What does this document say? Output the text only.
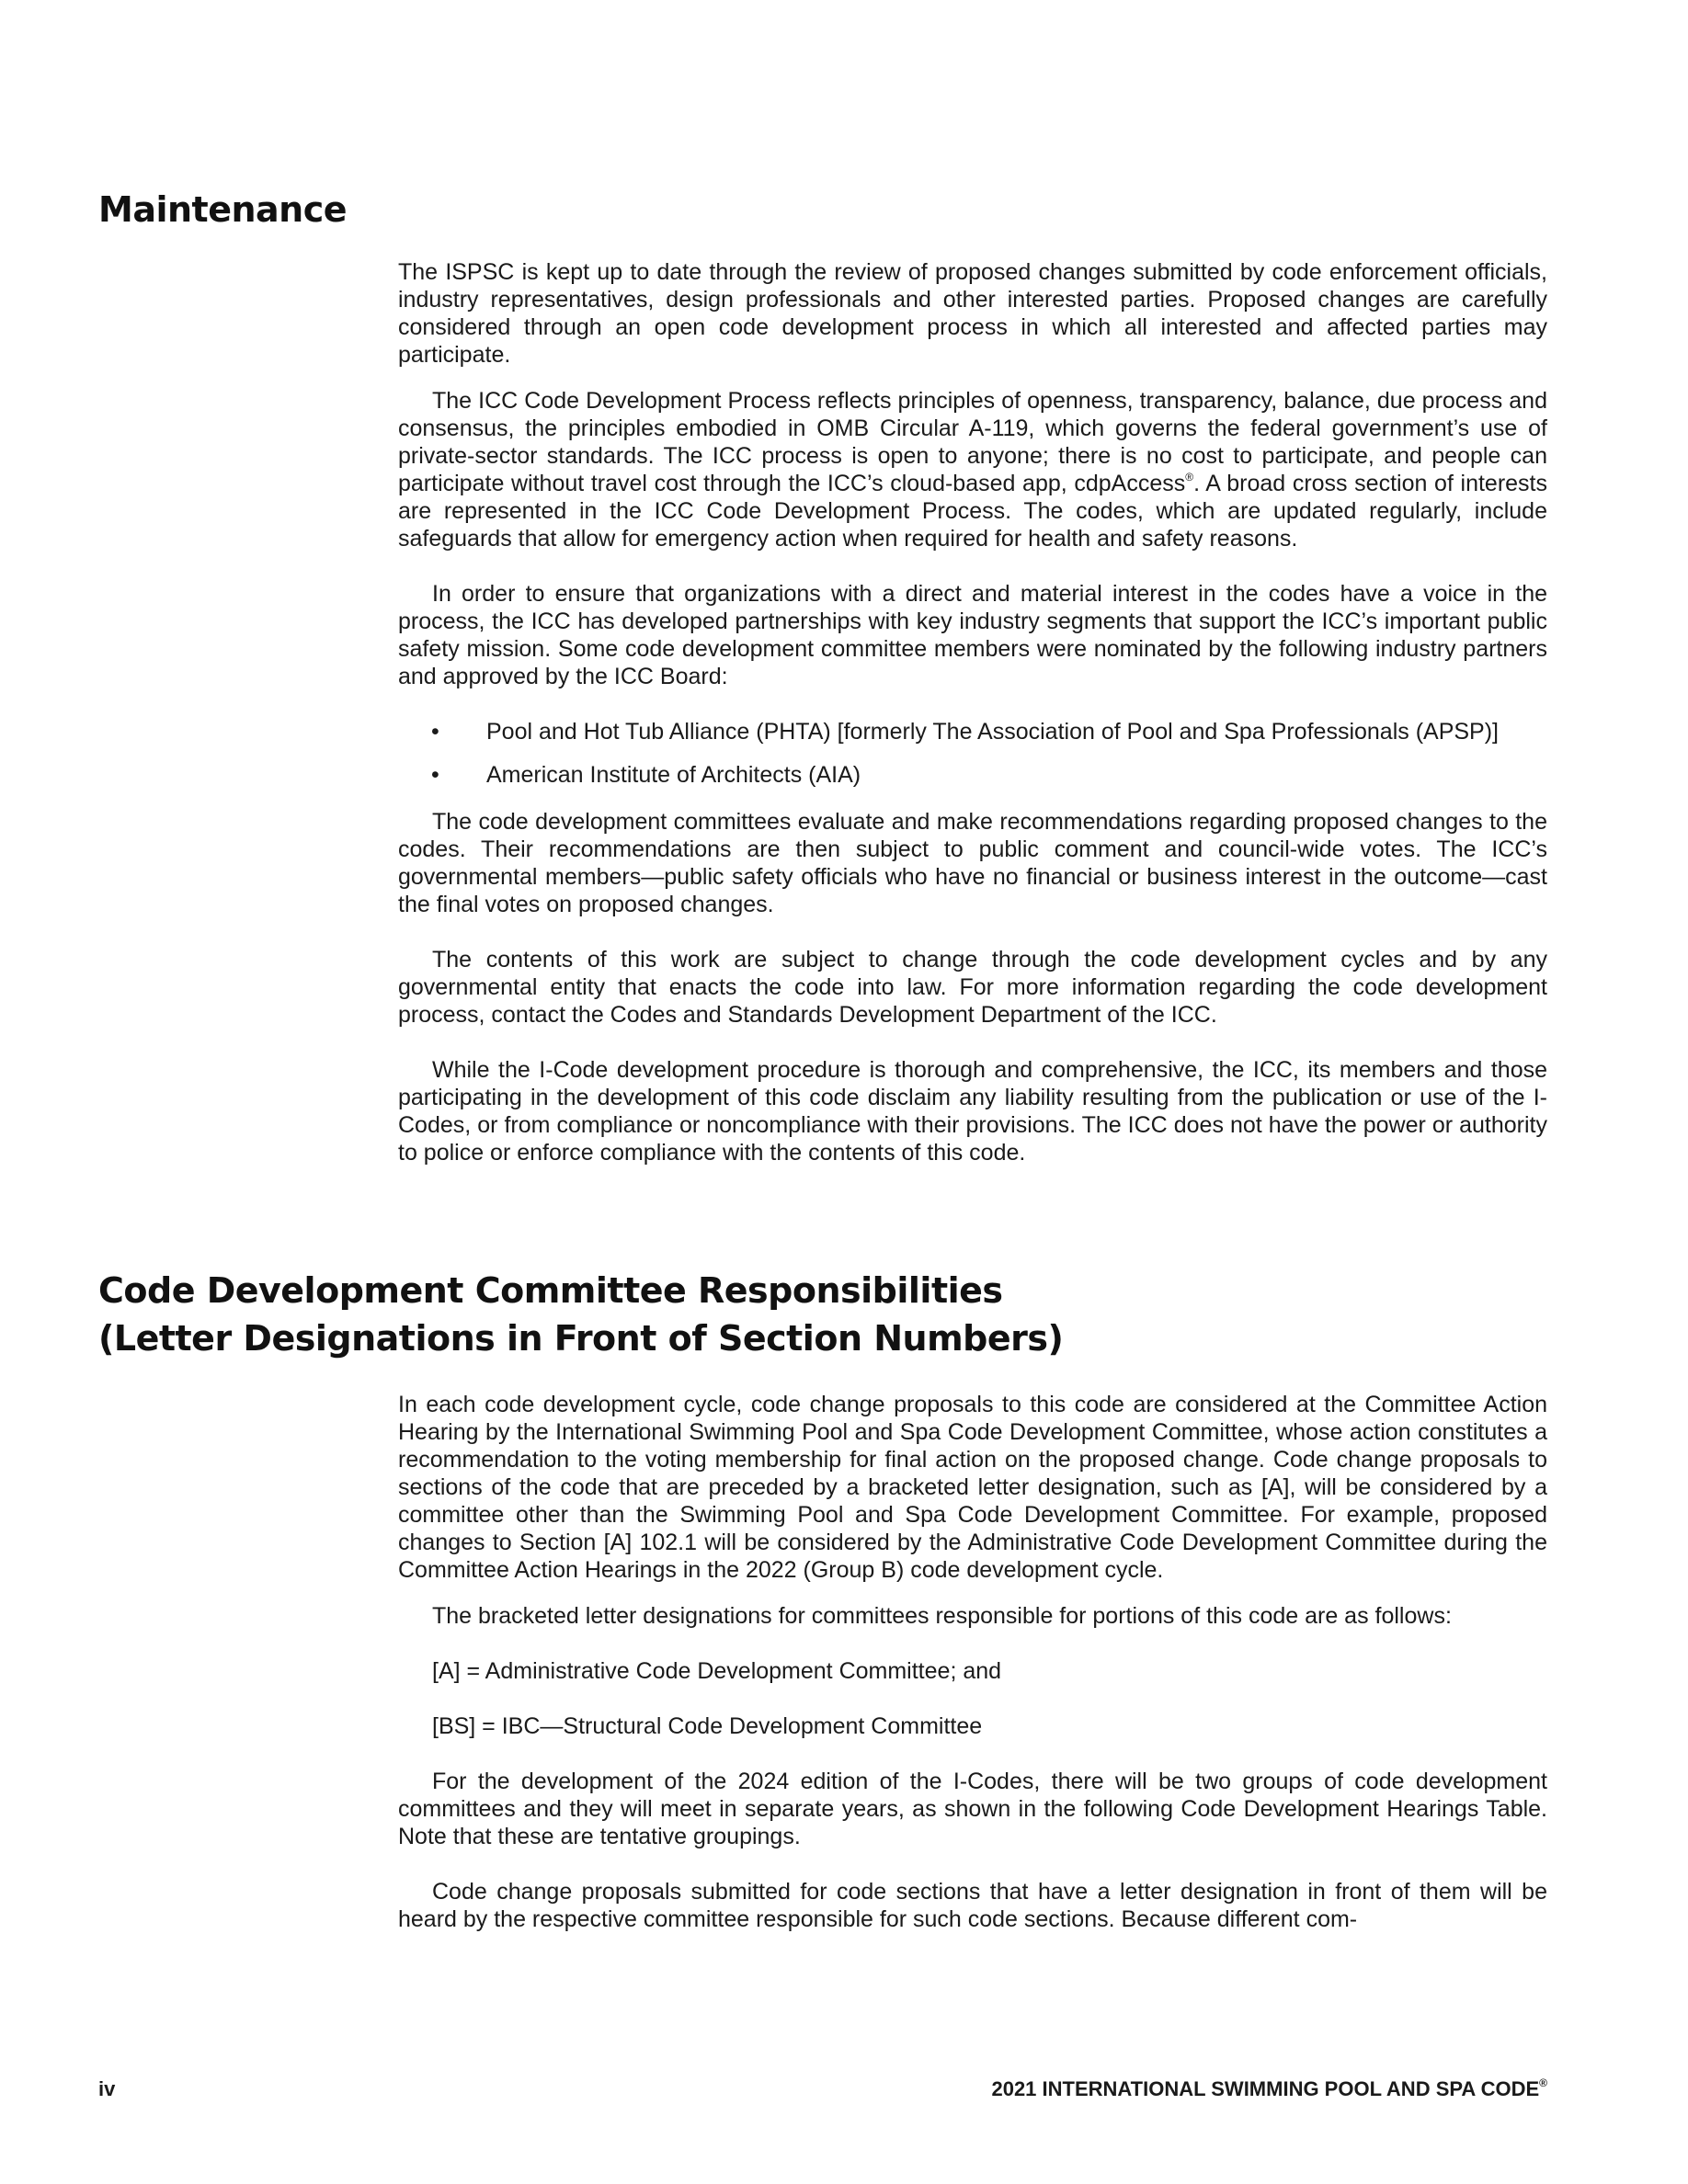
Maintenance

The ISPSC is kept up to date through the review of proposed changes submitted by code enforcement officials, industry representatives, design professionals and other interested parties. Proposed changes are carefully considered through an open code development process in which all interested and affected parties may participate.

The ICC Code Development Process reflects principles of openness, transparency, balance, due process and consensus, the principles embodied in OMB Circular A-119, which governs the federal government’s use of private-sector standards. The ICC process is open to anyone; there is no cost to participate, and people can participate without travel cost through the ICC’s cloud-based app, cdpAccess®. A broad cross section of interests are represented in the ICC Code Development Process. The codes, which are updated regularly, include safeguards that allow for emergency action when required for health and safety reasons.

In order to ensure that organizations with a direct and material interest in the codes have a voice in the process, the ICC has developed partnerships with key industry segments that support the ICC’s important public safety mission. Some code development committee members were nominated by the following industry partners and approved by the ICC Board:

• Pool and Hot Tub Alliance (PHTA) [formerly The Association of Pool and Spa Professionals (APSP)]
• American Institute of Architects (AIA)

The code development committees evaluate and make recommendations regarding proposed changes to the codes. Their recommendations are then subject to public comment and council-wide votes. The ICC’s governmental members—public safety officials who have no financial or business interest in the outcome—cast the final votes on proposed changes.

The contents of this work are subject to change through the code development cycles and by any governmental entity that enacts the code into law. For more information regarding the code development process, contact the Codes and Standards Development Department of the ICC.

While the I-Code development procedure is thorough and comprehensive, the ICC, its members and those participating in the development of this code disclaim any liability resulting from the publication or use of the I-Codes, or from compliance or noncompliance with their provisions. The ICC does not have the power or authority to police or enforce compliance with the contents of this code.

Code Development Committee Responsibilities
(Letter Designations in Front of Section Numbers)

In each code development cycle, code change proposals to this code are considered at the Committee Action Hearing by the International Swimming Pool and Spa Code Development Committee, whose action constitutes a recommendation to the voting membership for final action on the proposed change. Code change proposals to sections of the code that are preceded by a bracketed letter designation, such as [A], will be considered by a committee other than the Swimming Pool and Spa Code Development Committee. For example, proposed changes to Section [A] 102.1 will be considered by the Administrative Code Development Committee during the Committee Action Hearings in the 2022 (Group B) code development cycle.

The bracketed letter designations for committees responsible for portions of this code are as follows:

[A] = Administrative Code Development Committee; and

[BS] = IBC—Structural Code Development Committee

For the development of the 2024 edition of the I-Codes, there will be two groups of code development committees and they will meet in separate years, as shown in the following Code Development Hearings Table. Note that these are tentative groupings.

Code change proposals submitted for code sections that have a letter designation in front of them will be heard by the respective committee responsible for such code sections. Because different com-

iv	2021 INTERNATIONAL SWIMMING POOL AND SPA CODE®
